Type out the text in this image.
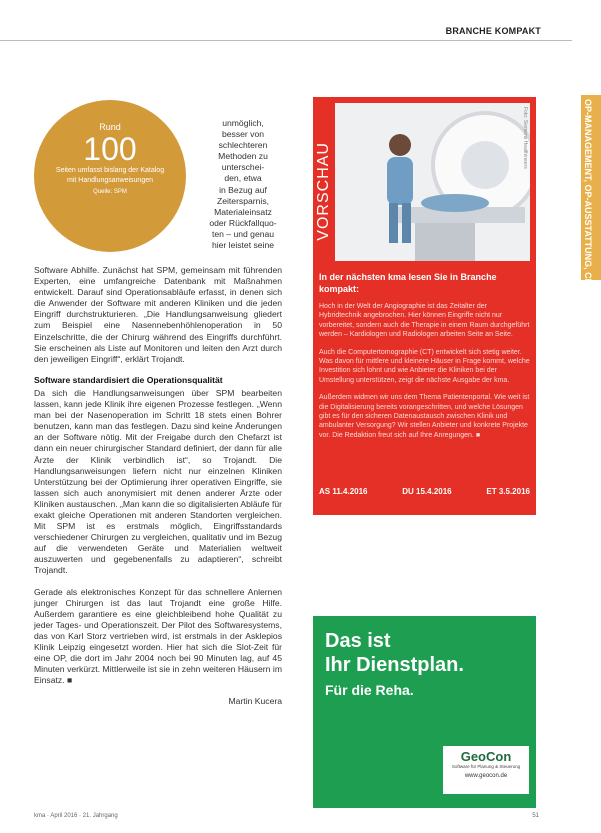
BRANCHE KOMPAKT
OP-MANAGEMENT, OP-AUSSTATTUNG, CHIRURGISCHE GERÄTE
Rund
100
Seiten umfasst bislang der Katalog mit Handlungsanweisungen
Quelle: SPM
unmöglich,
besser von
schlechteren
Methoden zu
unterschei-
den, etwa
in Bezug auf
Zeitersparnis,
Materialeinsatz
oder Rückfallquo-
ten – und genau
hier leistet seine

Software Abhilfe. Zunächst hat SPM, gemeinsam mit führenden Experten, eine umfangreiche Datenbank mit Maßnahmen entwickelt. Darauf sind Operationsabläufe erfasst, in denen sich die Anwender der Software mit anderen Kliniken und die jeden Eingriff durchstrukturieren. „Die Handlungsanweisung gliedert zum Beispiel eine Nasennebenhöhlenoperation in 50 Einzelschritte, die der Chirurg während des Eingriffs durchführt. Sie erscheinen als Liste auf Monitoren und leiten den Arzt durch den jeweiligen Eingriff“, erklärt Trojandt.

Software standardisiert die Operationsqualität

Da sich die Handlungsanweisungen über SPM bearbeiten lassen, kann jede Klinik ihre eigenen Prozesse festlegen. „Wenn man bei der Nasenoperation im Schritt 18 stets einen Bohrer benutzen, kann man das festlegen. Dazu sind keine Änderungen an der Software nötig. Mit der Freigabe durch den Chefarzt ist dann ein neuer chirurgischer Standard definiert, der dann für alle Ärzte der Klinik verbindlich ist“, so Trojandt. Die Handlungsanweisungen liefern nicht nur einzelnen Kliniken Unterstützung bei der Optimierung ihrer operativen Eingriffe, sie lassen sich auch anonymisiert mit denen anderer Ärzte oder Kliniken austauschen. „Man kann die so digitalisierten Abläufe für exakt gleiche Operationen mit anderen Standorten vergleichen. Mit SPM ist es erstmals möglich, Eingriffsstandards verschiedener Chirurgen zu vergleichen, qualitativ und im Bezug auf die verwendeten Geräte und Materialien weltweit auszuwerten und gegebenenfalls zu adaptieren“, schreibt Trojandt.

Gerade als elektronisches Konzept für das schnellere Anlernen junger Chirurgen ist das laut Trojandt eine große Hilfe. Außerdem garantiere es eine gleichbleibend hohe Qualität zu jeder Tages- und Operationszeit. Der Pilot des Softwaresystems, das von Karl Storz vertrieben wird, ist erstmals in der Asklepios Klinik Leipzig eingesetzt worden. Hier hat sich die Slot-Zeit für eine OP, die dort im Jahr 2004 noch bei 90 Minuten lag, auf 45 Minuten verkürzt. Mittlerweile ist sie in zehn weiteren Häusern im Einsatz. ■

Martin Kucera

VORSCHAU
Foto: Siemens Healthineers
In der nächsten kma lesen Sie in Branche kompakt:

Hoch in der Welt der Angiographie ist das Zeitalter der Hybridtechnik angebrochen. Hier können Eingriffe nicht nur vorbereitet, sondern auch die Therapie in einem Raum durchgeführt werden – Kardiologen und Radiologen arbeiten Seite an Seite.

Auch die Computertomographie (CT) entwickelt sich stetig weiter. Was davon für mittlere und kleinere Häuser in Frage kommt, welche Investition sich lohnt und wie Anbieter die Kliniken bei der Umstellung unterstützen, zeigt die nächste Ausgabe der kma.

Außerdem widmen wir uns dem Thema Patientenportal. Wie weit ist die Digitalisierung bereits vorangeschritten, und welche Lösungen gibt es für den sicheren Datenaustausch zwischen Klinik und ambulanter Versorgung? Wir stellen Anbieter und konkrete Projekte vor. Die Redaktion freut sich auf Ihre Anregungen. ■

AS 11.4.2016	DU 15.4.2016	ET 3.5.2016
Das ist
Ihr Dienstplan.
Für die Reha.
GeoCon
Software für Planung & Steuerung
www.geocon.de
kma · April 2016 · 21. Jahrgang	51
